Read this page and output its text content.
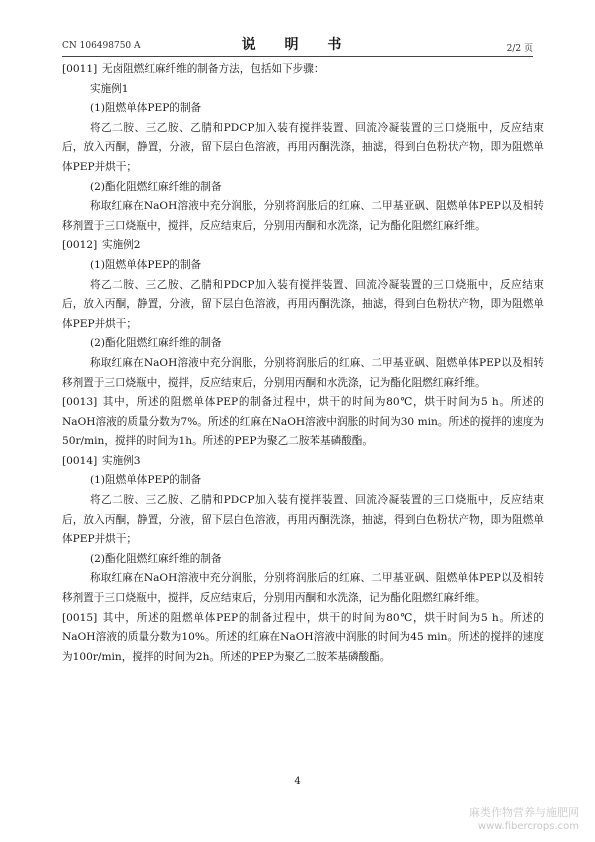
CN 106498750 A	说 明 书	2/2 页

[0011] 无卤阻燃红麻纤维的制备方法，包括如下步骤：

实施例1

(1)阻燃单体PEP的制备

将乙二胺、三乙胺、乙腈和PDCP加入装有搅拌装置、回流冷凝装置的三口烧瓶中，反应结束后，放入丙酮，静置，分液，留下层白色溶液，再用丙酮洗涤，抽滤，得到白色粉状产物，即为阻燃单体PEP并烘干；

(2)酯化阻燃红麻纤维的制备

称取红麻在NaOH溶液中充分润胀，分别将润胀后的红麻、二甲基亚砜、阻燃单体PEP以及相转移剂置于三口烧瓶中，搅拌，反应结束后，分别用丙酮和水洗涤，记为酯化阻燃红麻纤维。

[0012] 实施例2

(1)阻燃单体PEP的制备

将乙二胺、三乙胺、乙腈和PDCP加入装有搅拌装置、回流冷凝装置的三口烧瓶中，反应结束后，放入丙酮，静置，分液，留下层白色溶液，再用丙酮洗涤，抽滤，得到白色粉状产物，即为阻燃单体PEP并烘干；

(2)酯化阻燃红麻纤维的制备

称取红麻在NaOH溶液中充分润胀，分别将润胀后的红麻、二甲基亚砜、阻燃单体PEP以及相转移剂置于三口烧瓶中，搅拌，反应结束后，分别用丙酮和水洗涤，记为酯化阻燃红麻纤维。

[0013] 其中，所述的阻燃单体PEP的制备过程中，烘干的时间为80℃，烘干时间为5 h。所述的NaOH溶液的质量分数为7%。所述的红麻在NaOH溶液中润胀的时间为30 min。所述的搅拌的速度为50r/min，搅拌的时间为1h。所述的PEP为聚乙二胺苯基磷酸酯。

[0014] 实施例3

(1)阻燃单体PEP的制备

将乙二胺、三乙胺、乙腈和PDCP加入装有搅拌装置、回流冷凝装置的三口烧瓶中，反应结束后，放入丙酮，静置，分液，留下层白色溶液，再用丙酮洗涤，抽滤，得到白色粉状产物，即为阻燃单体PEP并烘干；

(2)酯化阻燃红麻纤维的制备

称取红麻在NaOH溶液中充分润胀，分别将润胀后的红麻、二甲基亚砜、阻燃单体PEP以及相转移剂置于三口烧瓶中，搅拌，反应结束后，分别用丙酮和水洗涤，记为酯化阻燃红麻纤维。

[0015] 其中，所述的阻燃单体PEP的制备过程中，烘干的时间为80℃，烘干时间为5 h。所述的NaOH溶液的质量分数为10%。所述的红麻在NaOH溶液中润胀的时间为45 min。所述的搅拌的速度为100r/min，搅拌的时间为2h。所述的PEP为聚乙二胺苯基磷酸酯。

4
麻类作物营养与施肥网
www.fibercrops.com
